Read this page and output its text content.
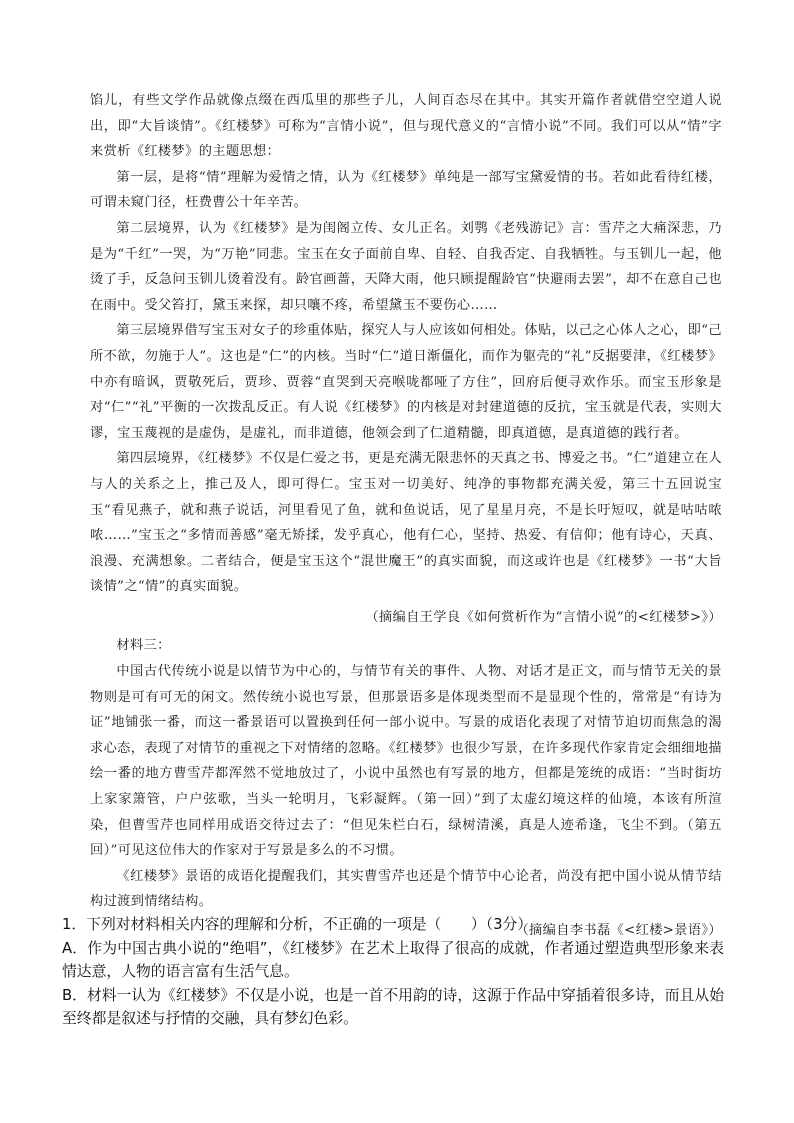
馅儿，有些文学作品就像点缀在西瓜里的那些子儿，人间百态尽在其中。其实开篇作者就借空空道人说出，即“大旨谈情”。《红楼梦》可称为“言情小说”，但与现代意义的“言情小说”不同。我们可以从“情”字来赏析《红楼梦》的主题思想：

第一层，是将“情”理解为爱情之情，认为《红楼梦》单纯是一部写宝黛爱情的书。若如此看待红楼，可谓未窥门径，枉费曹公十年辛苦。

第二层境界，认为《红楼梦》是为闺阁立传、女儿正名。刘鹗《老残游记》言：雪芹之大痛深悲，乃是为“千红”一哭，为“万艳”同悲。宝玉在女子面前自卑、自轻、自我否定、自我牺牲。与玉钏儿一起，他烫了手，反急问玉钏儿烫着没有。龄官画蔷，天降大雨，他只顾提醒龄官“快避雨去罢”，却不在意自己也在雨中。受父笞打，黛玉来探，却只嚷不疼，希望黛玉不要伤心……

第三层境界借写宝玉对女子的珍重体贴，探究人与人应该如何相处。体贴，以己之心体人之心，即“己所不欲，勿施于人”。这也是“仁”的内核。当时“仁”道日渐僵化，而作为躯壳的“礼”反据要津，《红楼梦》中亦有暗讽，贾敬死后，贾珍、贾蓉“直哭到天亮喉咙都哑了方住”，回府后便寻欢作乐。而宝玉形象是对“仁”“礼”平衡的一次拨乱反正。有人说《红楼梦》的内核是对封建道德的反抗，宝玉就是代表，实则大谬，宝玉蔑视的是虚伪，是虚礼，而非道德，他领会到了仁道精髓，即真道德，是真道德的践行者。

第四层境界，《红楼梦》不仅是仁爱之书，更是充满无限悲怀的天真之书、博爱之书。“仁”道建立在人与人的关系之上，推己及人，即可得仁。宝玉对一切美好、纯净的事物都充满关爱，第三十五回说宝玉“看见燕子，就和燕子说话，河里看见了鱼，就和鱼说话，见了星星月亮，不是长吁短叹，就是咕咕哝哝……”宝玉之“多情而善感”毫无矫揉，发乎真心，他有仁心，坚持、热爱、有信仰；他有诗心，天真、浪漫、充满想象。二者结合，便是宝玉这个“混世魔王”的真实面貌，而这或许也是《红楼梦》一书“大旨谈情”之“情”的真实面貌。

（摘编自王学良《如何赏析作为“言情小说”的<红楼梦>》）

材料三：

中国古代传统小说是以情节为中心的，与情节有关的事件、人物、对话才是正文，而与情节无关的景物则是可有可无的闲文。然传统小说也写景，但那景语多是体现类型而不是显现个性的，常常是“有诗为证”地铺张一番，而这一番景语可以置换到任何一部小说中。写景的成语化表现了对情节迫切而焦急的渴求心态，表现了对情节的重视之下对情绪的忽略。《红楼梦》也很少写景，在许多现代作家肯定会细细地描绘一番的地方曹雪芹都浑然不觉地放过了，小说中虽然也有写景的地方，但都是笼统的成语：“当时街坊上家家箫管，户户弦歌，当头一轮明月，飞彩凝辉。（第一回）”到了太虚幻境这样的仙境，本该有所渲染，但曹雪芹也同样用成语交待过去了：“但见朱栏白石，绿树清溪，真是人迹希逢，飞尘不到。（第五回）”可见这位伟大的作家对于写景是多么的不习惯。

《红楼梦》景语的成语化提醒我们，其实曹雪芹也还是个情节中心论者，尚没有把中国小说从情节结构过渡到情绪结构。

（摘编自李书磊《<红楼>景语》）

1．下列对材料相关内容的理解和分析，不正确的一项是（　　）（3分）

A．作为中国古典小说的“绝唱”，《红楼梦》在艺术上取得了很高的成就，作者通过塑造典型形象来表情达意，人物的语言富有生活气息。

B．材料一认为《红楼梦》不仅是小说，也是一首不用韵的诗，这源于作品中穿插着很多诗，而且从始至终都是叙述与抒情的交融，具有梦幻色彩。
